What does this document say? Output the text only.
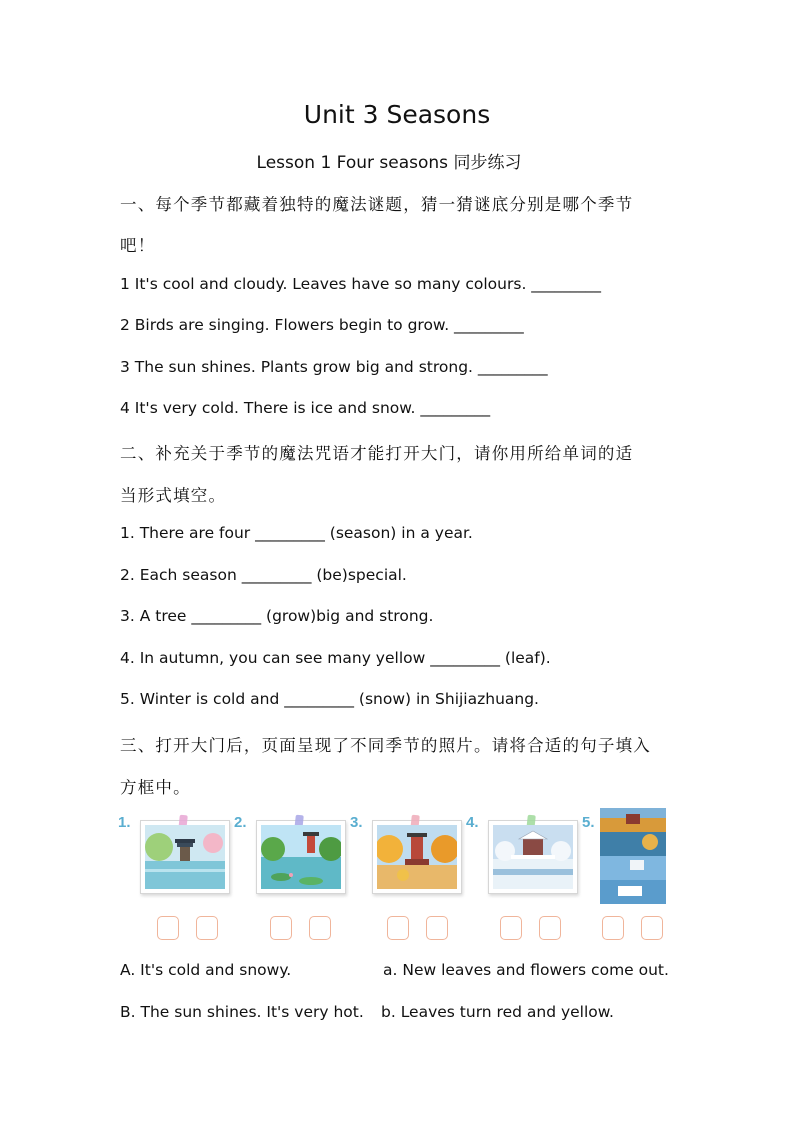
Unit 3 Seasons
Lesson 1 Four seasons 同步练习
一、每个季节都藏着独特的魔法谜题，猜一猜谜底分别是哪个季节
吧！
1 It's cool and cloudy. Leaves have so many colours. _________
2 Birds are singing. Flowers begin to grow. _________
3 The sun shines. Plants grow big and strong. _________
4 It's very cold. There is ice and snow. _________
二、补充关于季节的魔法咒语才能打开大门，请你用所给单词的适
当形式填空。
1. There are four _________ (season) in a year.
2. Each season _________ (be)special.
3. A tree _________ (grow)big and strong.
4. In autumn, you can see many yellow _________ (leaf).
5. Winter is cold and _________ (snow) in Shijiazhuang.
三、打开大门后，页面呈现了不同季节的照片。请将合适的句子填入
方框中。
1.	2.	3.	4.	5.
A. It's cold and snowy.	a. New leaves and flowers come out.
B. The sun shines. It's very hot. b. Leaves turn red and yellow.
